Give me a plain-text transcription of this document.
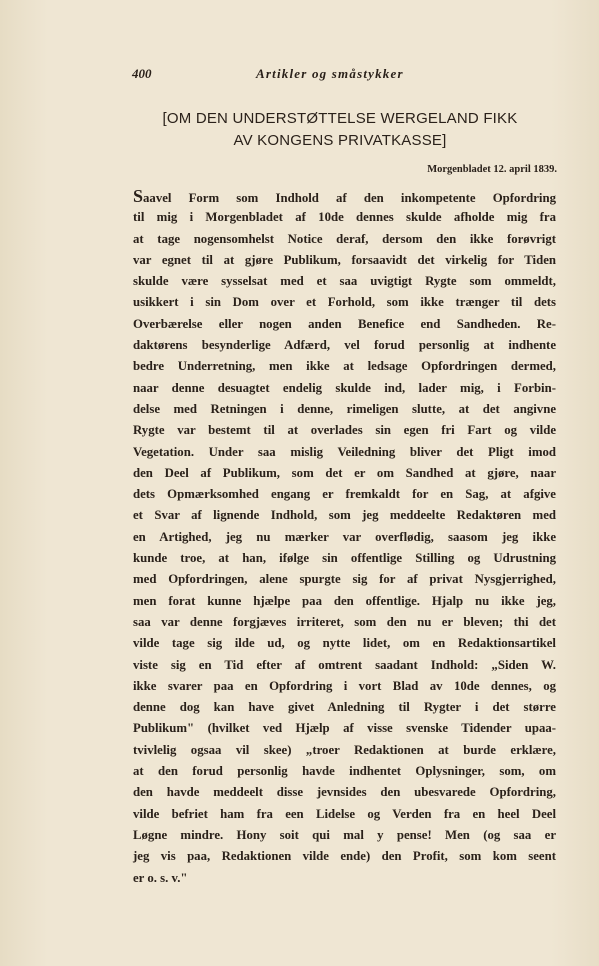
400	Artikler og småstykker
[OM DEN UNDERSTØTTELSE WERGELAND FIKK
AV KONGENS PRIVATKASSE]
Morgenbladet 12. april 1839.
Saavel Form som Indhold af den inkompetente Opfordring
til mig i Morgenbladet af 10de dennes skulde afholde mig fra
at tage nogensomhelst Notice deraf, dersom den ikke forøvrigt
var egnet til at gjøre Publikum, forsaavidt det virkelig for Tiden
skulde være sysselsat med et saa uvigtigt Rygte som ommeldt,
usikkert i sin Dom over et Forhold, som ikke trænger til dets
Overbærelse eller nogen anden Benefice end Sandheden. Re-
daktørens besynderlige Adfærd, vel forud personlig at indhente
bedre Underretning, men ikke at ledsage Opfordringen dermed,
naar denne desuagtet endelig skulde ind, lader mig, i Forbin-
delse med Retningen i denne, rimeligen slutte, at det angivne
Rygte var bestemt til at overlades sin egen fri Fart og vilde
Vegetation. Under saa mislig Veiledning bliver det Pligt imod
den Deel af Publikum, som det er om Sandhed at gjøre, naar
dets Opmærksomhed engang er fremkaldt for en Sag, at afgive
et Svar af lignende Indhold, som jeg meddeelte Redaktøren med
en Artighed, jeg nu mærker var overflødig, saasom jeg ikke
kunde troe, at han, ifølge sin offentlige Stilling og Udrustning
med Opfordringen, alene spurgte sig for af privat Nysgjerrighed,
men forat kunne hjælpe paa den offentlige. Hjalp nu ikke jeg,
saa var denne forgjæves irriteret, som den nu er bleven; thi det
vilde tage sig ilde ud, og nytte lidet, om en Redaktionsartikel
viste sig en Tid efter af omtrent saadant Indhold: „Siden W.
ikke svarer paa en Opfordring i vort Blad av 10de dennes, og
denne dog kan have givet Anledning til Rygter i det større
Publikum" (hvilket ved Hjælp af visse svenske Tidender upaa-
tvivlelig ogsaa vil skee) „troer Redaktionen at burde erklære,
at den forud personlig havde indhentet Oplysninger, som, om
den havde meddeelt disse jevnsides den ubesvarede Opfordring,
vilde befriet ham fra een Lidelse og Verden fra en heel Deel
Løgne mindre. Hony soit qui mal y pense! Men (og saa er
jeg vis paa, Redaktionen vilde ende) den Profit, som kom seent
er o. s. v."
